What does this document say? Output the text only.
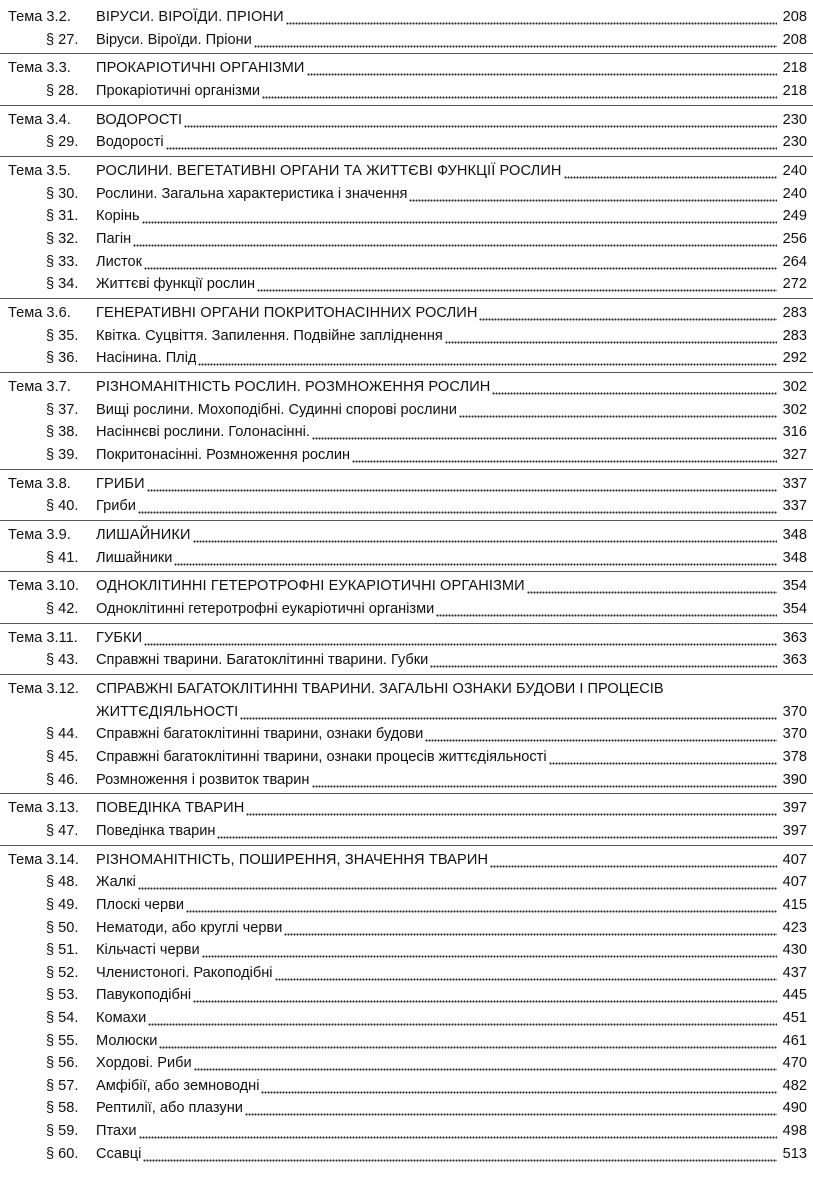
Тема 3.2. ВІРУСИ. ВІРОЇДИ. ПРІОНИ	208
§ 27. Віруси. Віроїди. Пріони	208
Тема 3.3. ПРОКАРІОТИЧНІ ОРГАНІЗМИ	218
§ 28. Прокаріотичні організми	218
Тема 3.4. ВОДОРОСТІ	230
§ 29. Водорості	230
Тема 3.5. РОСЛИНИ. ВЕГЕТАТИВНІ ОРГАНИ ТА ЖИТТЄВІ ФУНКЦІЇ РОСЛИН	240
§ 30. Рослини. Загальна характеристика і значення	240
§ 31. Корінь	249
§ 32. Пагін	256
§ 33. Листок	264
§ 34. Життєві функції рослин	272
Тема 3.6. ГЕНЕРАТИВНІ ОРГАНИ ПОКРИТОНАСІННИХ РОСЛИН	283
§ 35. Квітка. Суцвіття. Запилення. Подвійне запліднення	283
§ 36. Насінина. Плід	292
Тема 3.7. РІЗНОМАНІТНІСТЬ РОСЛИН. РОЗМНОЖЕННЯ РОСЛИН	302
§ 37. Вищі рослини. Мохоподібні. Судинні спорові рослини	302
§ 38. Насіннєві рослини. Голонасінні.	316
§ 39. Покритонасінні. Розмноження рослин	327
Тема 3.8. ГРИБИ	337
§ 40. Гриби	337
Тема 3.9. ЛИШАЙНИКИ	348
§ 41. Лишайники	348
Тема 3.10. ОДНОКЛІТИННІ ГЕТЕРОТРОФНІ ЕУКАРІОТИЧНІ ОРГАНІЗМИ	354
§ 42. Одноклітинні гетеротрофні еукаріотичні організми	354
Тема 3.11. ГУБКИ	363
§ 43. Справжні тварини. Багатоклітинні тварини. Губки	363
Тема 3.12. СПРАВЖНІ БАГАТОКЛІТИННІ ТВАРИНИ. ЗАГАЛЬНІ ОЗНАКИ БУДОВИ І ПРОЦЕСІВ
ЖИТТЄДІЯЛЬНОСТІ	370
§ 44. Справжні багатоклітинні тварини, ознаки будови	370
§ 45. Справжні багатоклітинні тварини, ознаки процесів життєдіяльності	378
§ 46. Розмноження і розвиток тварин	390
Тема 3.13. ПОВЕДІНКА ТВАРИН	397
§ 47. Поведінка тварин	397
Тема 3.14. РІЗНОМАНІТНІСТЬ, ПОШИРЕННЯ, ЗНАЧЕННЯ ТВАРИН	407
§ 48. Жалкі	407
§ 49. Плоскі черви	415
§ 50. Нематоди, або круглі черви	423
§ 51. Кільчасті черви	430
§ 52. Членистоногі. Ракоподібні	437
§ 53. Павукоподібні	445
§ 54. Комахи	451
§ 55. Молюски	461
§ 56. Хордові. Риби	470
§ 57. Амфібії, або земноводні	482
§ 58. Рептилії, або плазуни	490
§ 59. Птахи	498
§ 60. Ссавці	513
